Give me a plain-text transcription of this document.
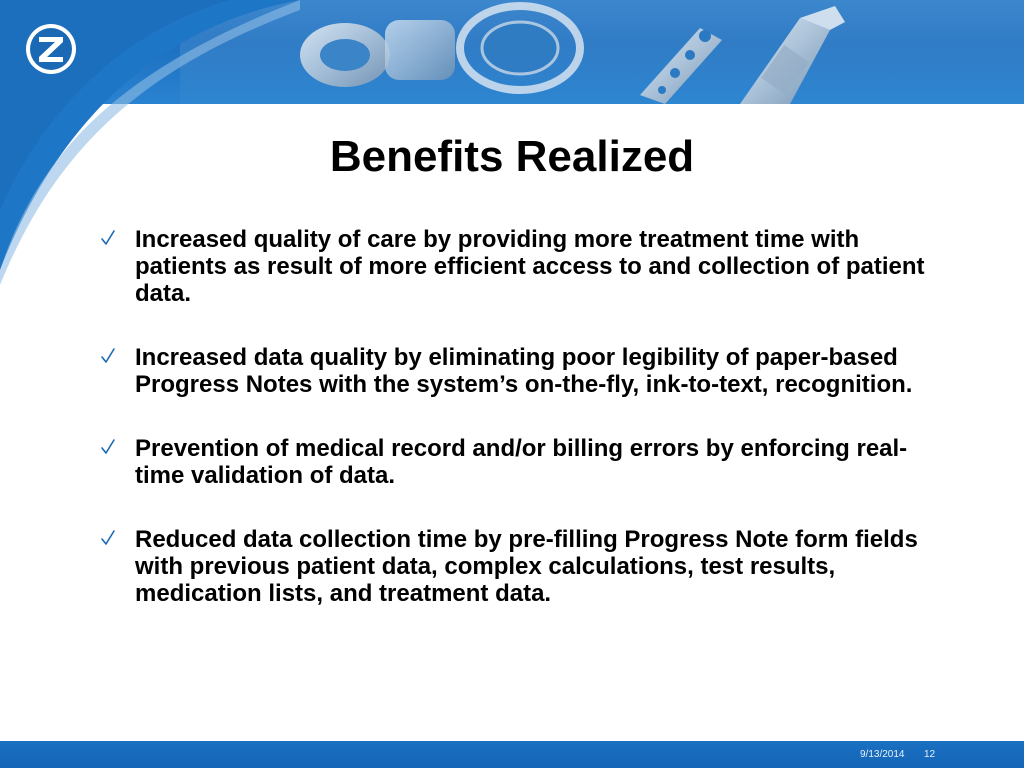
Benefits Realized
Increased quality of care by providing more treatment time with patients as result of more efficient access to and collection of patient data.
Increased data quality by eliminating poor legibility of paper-based Progress Notes with the system’s on-the-fly, ink-to-text, recognition.
Prevention of medical record and/or billing errors by enforcing real-time validation of data.
Reduced data collection time by pre-filling Progress Note form fields with previous patient data, complex calculations, test results, medication lists, and treatment data.
9/13/2014 12
